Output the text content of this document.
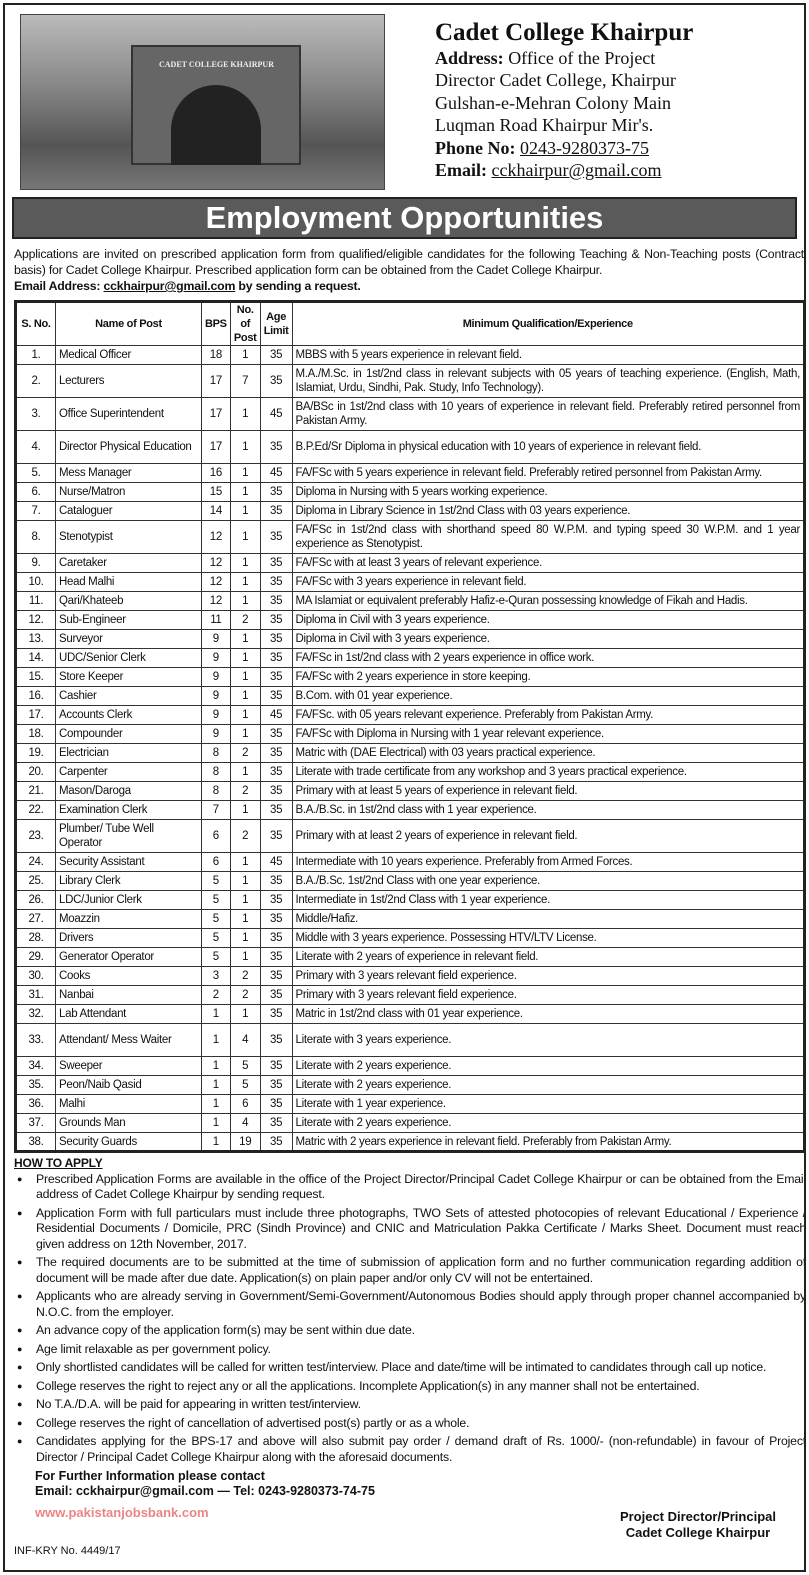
CADET COLLEGE KHAIRPUR
Cadet College Khairpur
Address: Office of the Project
Director Cadet College, Khairpur
Gulshan-e-Mehran Colony Main
Luqman Road Khairpur Mir's.
Phone No: 0243-9280373-75
Email: cckhairpur@gmail.com
Employment Opportunities
Applications are invited on prescribed application form from qualified/eligible candidates for the following Teaching & Non-Teaching posts (Contract basis) for Cadet College Khairpur. Prescribed application form can be obtained from the Cadet College Khairpur.
Email Address: cckhairpur@gmail.com by sending a request.
S. No.	Name of Post	BPS	No. of Post	Age Limit	Minimum Qualification/Experience
1.	Medical Officer	18	1	35	MBBS with 5 years experience in relevant field.
2.	Lecturers	17	7	35	M.A./M.Sc. in 1st/2nd class in relevant subjects with 05 years of teaching experience. (English, Math, Islamiat, Urdu, Sindhi, Pak. Study, Info Technology).
3.	Office Superintendent	17	1	45	BA/BSc in 1st/2nd class with 10 years of experience in relevant field. Preferably retired personnel from Pakistan Army.
4.	Director Physical Education	17	1	35	B.P.Ed/Sr Diploma in physical education with 10 years of experience in relevant field.
5.	Mess Manager	16	1	45	FA/FSc with 5 years experience in relevant field. Preferably retired personnel from Pakistan Army.
6.	Nurse/Matron	15	1	35	Diploma in Nursing with 5 years working experience.
7.	Cataloguer	14	1	35	Diploma in Library Science in 1st/2nd Class with 03 years experience.
8.	Stenotypist	12	1	35	FA/FSc in 1st/2nd class with shorthand speed 80 W.P.M. and typing speed 30 W.P.M. and 1 year experience as Stenotypist.
9.	Caretaker	12	1	35	FA/FSc with at least 3 years of relevant experience.
10.	Head Malhi	12	1	35	FA/FSc with 3 years experience in relevant field.
11.	Qari/Khateeb	12	1	35	MA Islamiat or equivalent preferably Hafiz-e-Quran possessing knowledge of Fikah and Hadis.
12.	Sub-Engineer	11	2	35	Diploma in Civil with 3 years experience.
13.	Surveyor	9	1	35	Diploma in Civil with 3 years experience.
14.	UDC/Senior Clerk	9	1	35	FA/FSc in 1st/2nd class with 2 years experience in office work.
15.	Store Keeper	9	1	35	FA/FSc with 2 years experience in store keeping.
16.	Cashier	9	1	35	B.Com. with 01 year experience.
17.	Accounts Clerk	9	1	45	FA/FSc. with 05 years relevant experience. Preferably from Pakistan Army.
18.	Compounder	9	1	35	FA/FSc with Diploma in Nursing with 1 year relevant experience.
19.	Electrician	8	2	35	Matric with (DAE Electrical) with 03 years practical experience.
20.	Carpenter	8	1	35	Literate with trade certificate from any workshop and 3 years practical experience.
21.	Mason/Daroga	8	2	35	Primary with at least 5 years of experience in relevant field.
22.	Examination Clerk	7	1	35	B.A./B.Sc. in 1st/2nd class with 1 year experience.
23.	Plumber/ Tube Well Operator	6	2	35	Primary with at least 2 years of experience in relevant field.
24.	Security Assistant	6	1	45	Intermediate with 10 years experience. Preferably from Armed Forces.
25.	Library Clerk	5	1	35	B.A./B.Sc. 1st/2nd Class with one year experience.
26.	LDC/Junior Clerk	5	1	35	Intermediate in 1st/2nd Class with 1 year experience.
27.	Moazzin	5	1	35	Middle/Hafiz.
28.	Drivers	5	1	35	Middle with 3 years experience. Possessing HTV/LTV License.
29.	Generator Operator	5	1	35	Literate with 2 years of experience in relevant field.
30.	Cooks	3	2	35	Primary with 3 years relevant field experience.
31.	Nanbai	2	2	35	Primary with 3 years relevant field experience.
32.	Lab Attendant	1	1	35	Matric in 1st/2nd class with 01 year experience.
33.	Attendant/ Mess Waiter	1	4	35	Literate with 3 years experience.
34.	Sweeper	1	5	35	Literate with 2 years experience.
35.	Peon/Naib Qasid	1	5	35	Literate with 2 years experience.
36.	Malhi	1	6	35	Literate with 1 year experience.
37.	Grounds Man	1	4	35	Literate with 2 years experience.
38.	Security Guards	1	19	35	Matric with 2 years experience in relevant field. Preferably from Pakistan Army.
HOW TO APPLY
● Prescribed Application Forms are available in the office of the Project Director/Principal Cadet College Khairpur or can be obtained from the Email address of Cadet College Khairpur by sending request.
● Application Form with full particulars must include three photographs, TWO Sets of attested photocopies of relevant Educational / Experience / Residential Documents / Domicile, PRC (Sindh Province) and CNIC and Matriculation Pakka Certificate / Marks Sheet. Document must reach given address on 12th November, 2017.
● The required documents are to be submitted at the time of submission of application form and no further communication regarding addition of document will be made after due date. Application(s) on plain paper and/or only CV will not be entertained.
● Applicants who are already serving in Government/Semi-Government/Autonomous Bodies should apply through proper channel accompanied by N.O.C. from the employer.
● An advance copy of the application form(s) may be sent within due date.
● Age limit relaxable as per government policy.
● Only shortlisted candidates will be called for written test/interview. Place and date/time will be intimated to candidates through call up notice.
● College reserves the right to reject any or all the applications. Incomplete Application(s) in any manner shall not be entertained.
● No T.A./D.A. will be paid for appearing in written test/interview.
● College reserves the right of cancellation of advertised post(s) partly or as a whole.
● Candidates applying for the BPS-17 and above will also submit pay order / demand draft of Rs. 1000/- (non-refundable) in favour of Project Director / Principal Cadet College Khairpur along with the aforesaid documents.
For Further Information please contact
Email: cckhairpur@gmail.com — Tel: 0243-9280373-74-75
www.pakistanjobsbank.com	Project Director/Principal
Cadet College Khairpur
INF-KRY No. 4449/17
